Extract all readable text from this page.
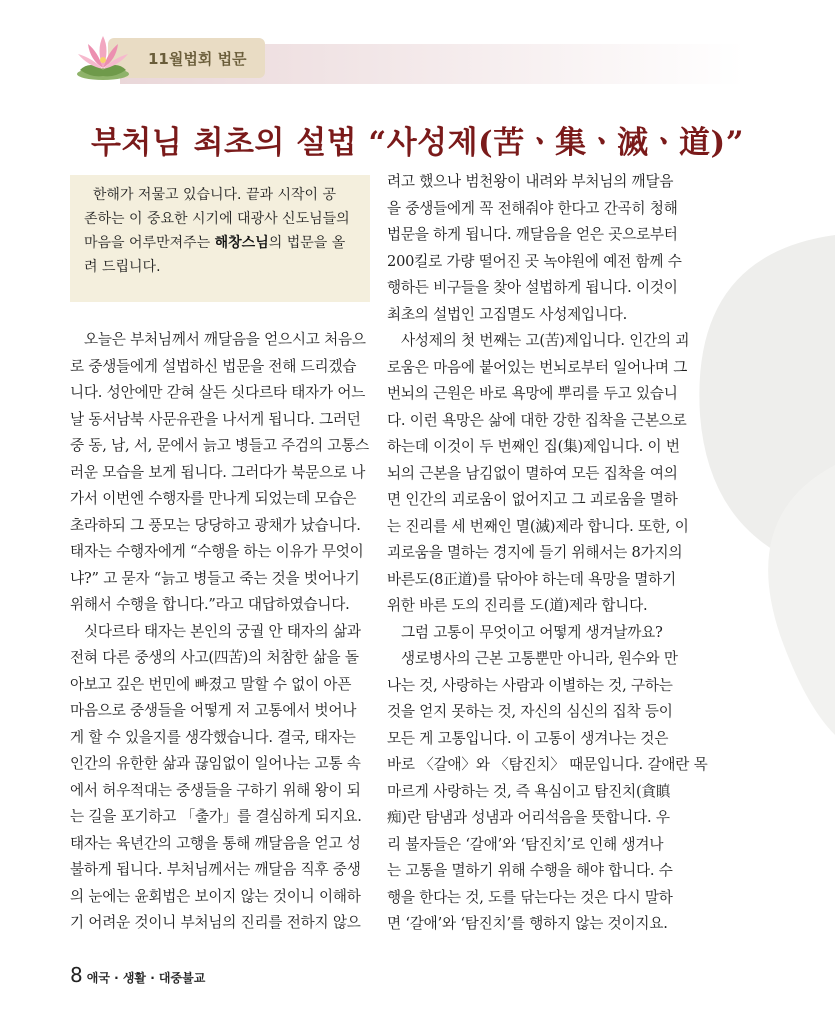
11월법회 법문
부처님 최초의 설법 “사성제(苦ㆍ集ㆍ滅ㆍ道)”
한해가 저물고 있습니다. 끝과 시작이 공
존하는 이 중요한 시기에 대광사 신도님들의
마음을 어루만져주는 해창스님의 법문을 올
려 드립니다.
오늘은 부처님께서 깨달음을 얻으시고 처음으
로 중생들에게 설법하신 법문을 전해 드리겠습
니다. 성안에만 갇혀 살든 싯다르타 태자가 어느
날 동서남북 사문유관을 나서게 됩니다. 그러던
중 동, 남, 서, 문에서 늙고 병들고 주검의 고통스
러운 모습을 보게 됩니다. 그러다가 북문으로 나
가서 이번엔 수행자를 만나게 되었는데 모습은
초라하되 그 풍모는 당당하고 광채가 났습니다.
태자는 수행자에게 “수행을 하는 이유가 무엇이
냐?” 고 묻자 “늙고 병들고 죽는 것을 벗어나기
위해서 수행을 합니다.”라고 대답하였습니다.
싯다르타 태자는 본인의 궁궐 안 태자의 삶과
전혀 다른 중생의 사고(四苦)의 처참한 삶을 돌
아보고 깊은 번민에 빠졌고 말할 수 없이 아픈
마음으로 중생들을 어떻게 저 고통에서 벗어나
게 할 수 있을지를 생각했습니다. 결국, 태자는
인간의 유한한 삶과 끊임없이 일어나는 고통 속
에서 허우적대는 중생들을 구하기 위해 왕이 되
는 길을 포기하고 「출가」를 결심하게 되지요.
태자는 육년간의 고행을 통해 깨달음을 얻고 성
불하게 됩니다. 부처님께서는 깨달음 직후 중생
의 눈에는 윤회법은 보이지 않는 것이니 이해하
기 어려운 것이니 부처님의 진리를 전하지 않으
려고 했으나 범천왕이 내려와 부처님의 깨달음
을 중생들에게 꼭 전해줘야 한다고 간곡히 청해
법문을 하게 됩니다. 깨달음을 얻은 곳으로부터
200킬로 가량 떨어진 곳 녹야원에 예전 함께 수
행하든 비구들을 찾아 설법하게 됩니다. 이것이
최초의 설법인 고집멸도 사성제입니다.
사성제의 첫 번째는 고(苦)제입니다. 인간의 괴
로움은 마음에 붙어있는 번뇌로부터 일어나며 그
번뇌의 근원은 바로 욕망에 뿌리를 두고 있습니
다. 이런 욕망은 삶에 대한 강한 집착을 근본으로
하는데 이것이 두 번째인 집(集)제입니다. 이 번
뇌의 근본을 남김없이 멸하여 모든 집착을 여의
면 인간의 괴로움이 없어지고 그 괴로움을 멸하
는 진리를 세 번째인 멸(滅)제라 합니다. 또한, 이
괴로움을 멸하는 경지에 들기 위해서는 8가지의
바른도(8正道)를 닦아야 하는데 욕망을 멸하기
위한 바른 도의 진리를 도(道)제라 합니다.
그럼 고통이 무엇이고 어떻게 생겨날까요?
생로병사의 근본 고통뿐만 아니라, 원수와 만
나는 것, 사랑하는 사람과 이별하는 것, 구하는
것을 얻지 못하는 것, 자신의 심신의 집착 등이
모든 게 고통입니다. 이 고통이 생겨나는 것은
바로 〈갈애〉와 〈탐진치〉 때문입니다. 갈애란 목
마르게 사랑하는 것, 즉 욕심이고 탐진치(貪瞋
痴)란 탐냄과 성냄과 어리석음을 뜻합니다. 우
리 불자들은 ‘갈애’와 ‘탐진치’로 인해 생겨나
는 고통을 멸하기 위해 수행을 해야 합니다. 수
행을 한다는 것, 도를 닦는다는 것은 다시 말하
면 ‘갈애’와 ‘탐진치’를 행하지 않는 것이지요.
8 애국 · 생활 · 대중불교
